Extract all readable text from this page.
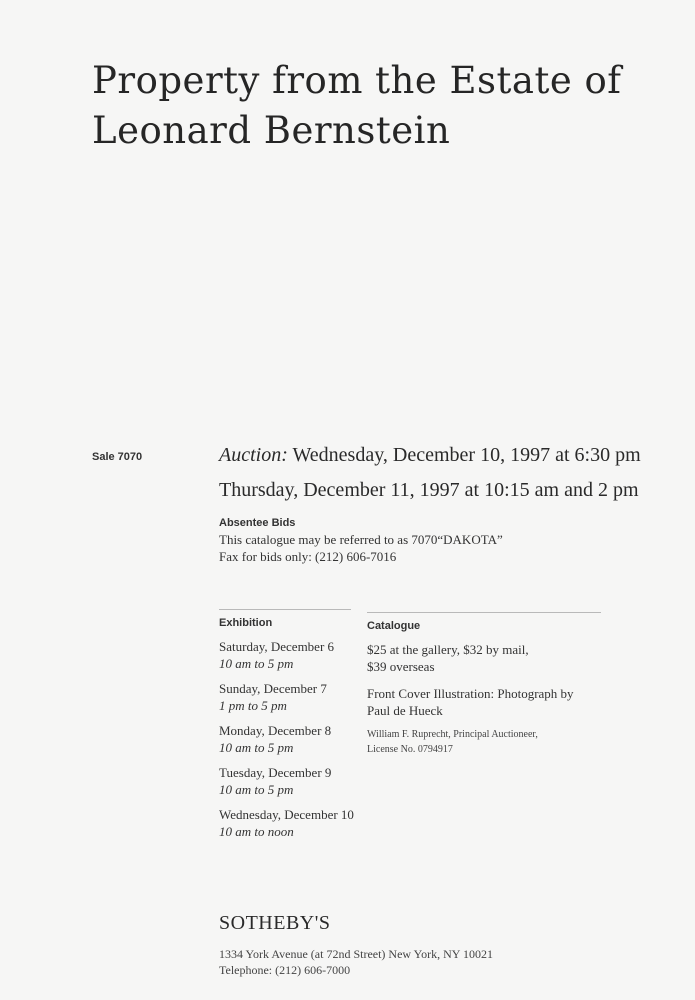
Property from the Estate of
Leonard Bernstein
Sale 7070	Auction: Wednesday, December 10, 1997 at 6:30 pm
Thursday, December 11, 1997 at 10:15 am and 2 pm
Absentee Bids
This catalogue may be referred to as 7070“DAKOTA”
Fax for bids only: (212) 606-7016
Exhibition
Saturday, December 6
10 am to 5 pm
Sunday, December 7
1 pm to 5 pm
Monday, December 8
10 am to 5 pm
Tuesday, December 9
10 am to 5 pm
Wednesday, December 10
10 am to noon
Catalogue
$25 at the gallery, $32 by mail,
$39 overseas
Front Cover Illustration: Photograph by
Paul de Hueck
William F. Ruprecht, Principal Auctioneer,
License No. 0794917
SOTHEBY'S
1334 York Avenue (at 72nd Street) New York, NY 10021
Telephone: (212) 606-7000
